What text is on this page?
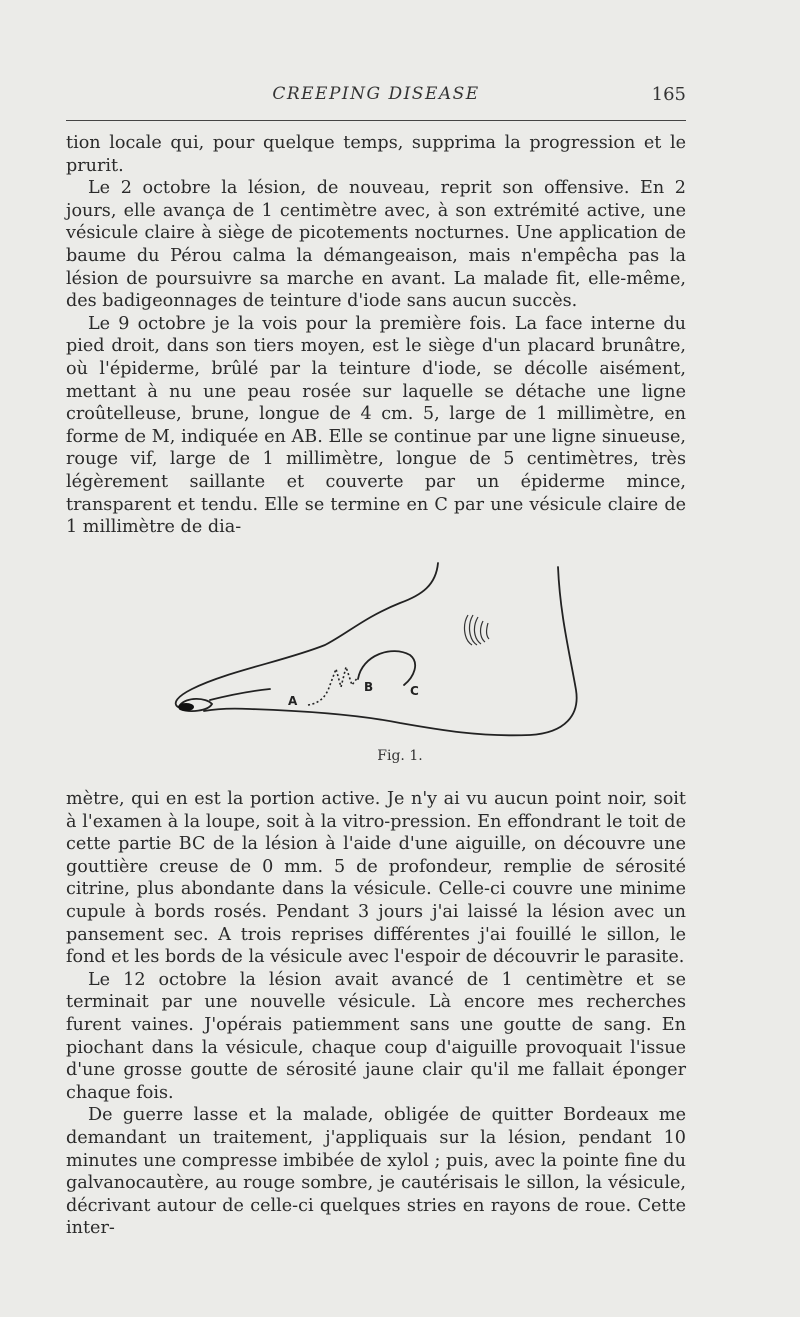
CREEPING DISEASE	165

tion locale qui, pour quelque temps, supprima la progression et le prurit.

Le 2 octobre la lésion, de nouveau, reprit son offensive. En 2 jours, elle avança de 1 centimètre avec, à son extrémité active, une vésicule claire à siège de picotements nocturnes. Une application de baume du Pérou calma la démangeaison, mais n'empêcha pas la lésion de poursuivre sa marche en avant. La malade fit, elle-même, des badigeonnages de teinture d'iode sans aucun succès.

Le 9 octobre je la vois pour la première fois. La face interne du pied droit, dans son tiers moyen, est le siège d'un placard brunâtre, où l'épiderme, brûlé par la teinture d'iode, se décolle aisément, mettant à nu une peau rosée sur laquelle se détache une ligne croûtelleuse, brune, longue de 4 cm. 5, large de 1 millimètre, en forme de M, indiquée en AB. Elle se continue par une ligne sinueuse, rouge vif, large de 1 millimètre, longue de 5 centimètres, très légèrement saillante et couverte par un épiderme mince, transparent et tendu. Elle se termine en C par une vésicule claire de 1 millimètre de dia-

A
B	C
Fig. 1.

mètre, qui en est la portion active. Je n'y ai vu aucun point noir, soit à l'examen à la loupe, soit à la vitro-pression. En effondrant le toit de cette partie BC de la lésion à l'aide d'une aiguille, on découvre une gouttière creuse de 0 mm. 5 de profondeur, remplie de sérosité citrine, plus abondante dans la vésicule. Celle-ci couvre une minime cupule à bords rosés. Pendant 3 jours j'ai laissé la lésion avec un pansement sec. A trois reprises différentes j'ai fouillé le sillon, le fond et les bords de la vésicule avec l'espoir de découvrir le parasite.

Le 12 octobre la lésion avait avancé de 1 centimètre et se terminait par une nouvelle vésicule. Là encore mes recherches furent vaines. J'opérais patiemment sans une goutte de sang. En piochant dans la vésicule, chaque coup d'aiguille provoquait l'issue d'une grosse goutte de sérosité jaune clair qu'il me fallait éponger chaque fois.

De guerre lasse et la malade, obligée de quitter Bordeaux me demandant un traitement, j'appliquais sur la lésion, pendant 10 minutes une compresse imbibée de xylol ; puis, avec la pointe fine du galvanocautère, au rouge sombre, je cautérisais le sillon, la vésicule, décrivant autour de celle-ci quelques stries en rayons de roue. Cette inter-
